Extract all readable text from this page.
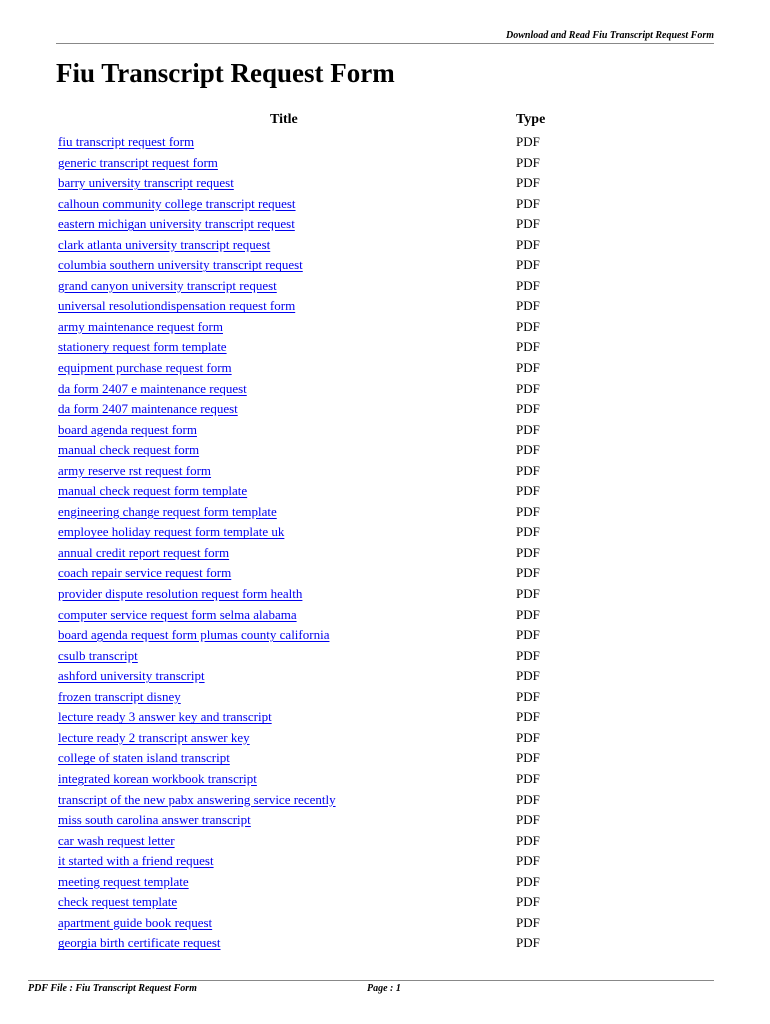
Download and Read Fiu Transcript Request Form
Fiu Transcript Request Form
Title	Type
fiu transcript request form	PDF
generic transcript request form	PDF
barry university transcript request	PDF
calhoun community college transcript request	PDF
eastern michigan university transcript request	PDF
clark atlanta university transcript request	PDF
columbia southern university transcript request	PDF
grand canyon university transcript request	PDF
universal resolutiondispensation request form	PDF
army maintenance request form	PDF
stationery request form template	PDF
equipment purchase request form	PDF
da form 2407 e maintenance request	PDF
da form 2407 maintenance request	PDF
board agenda request form	PDF
manual check request form	PDF
army reserve rst request form	PDF
manual check request form template	PDF
engineering change request form template	PDF
employee holiday request form template uk	PDF
annual credit report request form	PDF
coach repair service request form	PDF
provider dispute resolution request form health	PDF
computer service request form selma alabama	PDF
board agenda request form plumas county california	PDF
csulb transcript	PDF
ashford university transcript	PDF
frozen transcript disney	PDF
lecture ready 3 answer key and transcript	PDF
lecture ready 2 transcript answer key	PDF
college of staten island transcript	PDF
integrated korean workbook transcript	PDF
transcript of the new pabx answering service recently	PDF
miss south carolina answer transcript	PDF
car wash request letter	PDF
it started with a friend request	PDF
meeting request template	PDF
check request template	PDF
apartment guide book request	PDF
georgia birth certificate request	PDF
PDF File : Fiu Transcript Request Form	Page : 1
